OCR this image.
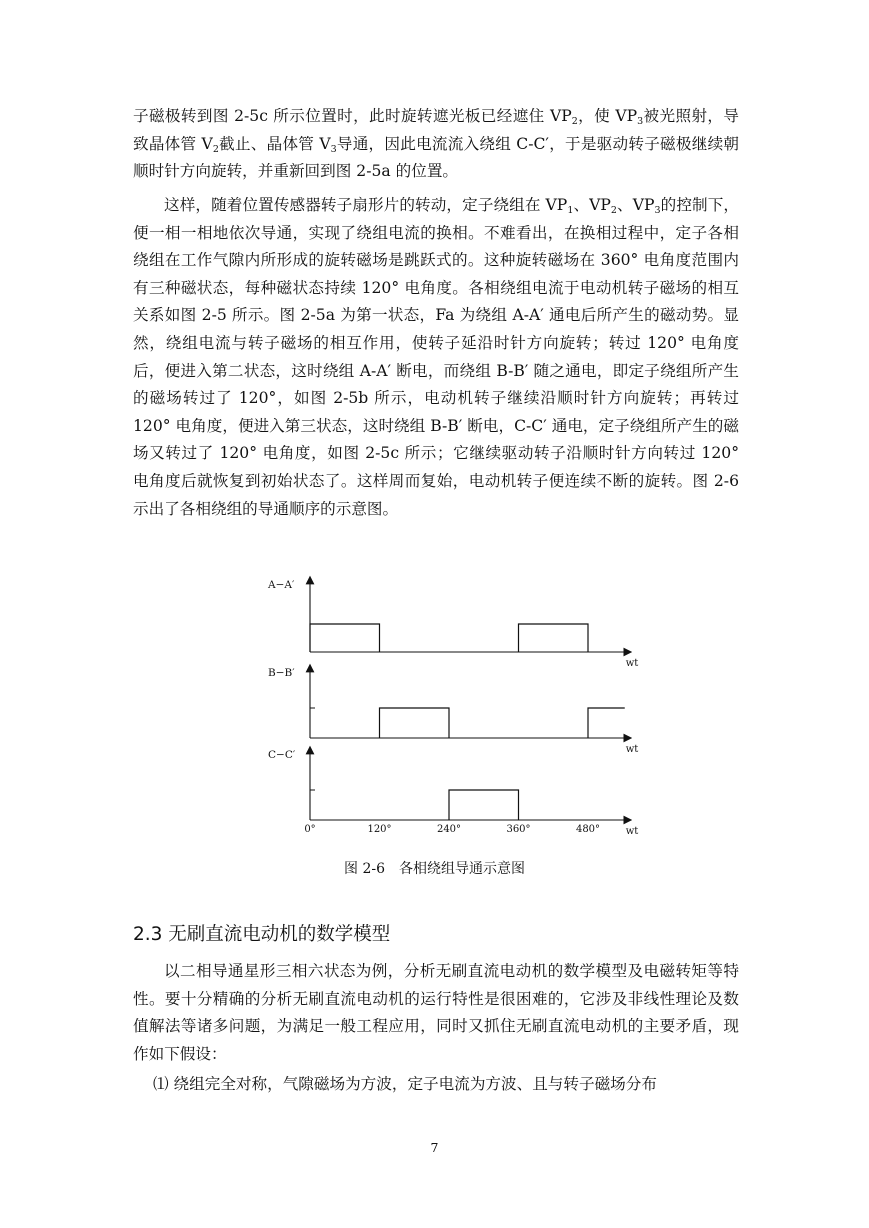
子磁极转到图 2-5c 所示位置时，此时旋转遮光板已经遮住 $VP_2$，使 $VP_3$被光照射，导致晶体管 $V_2$截止、晶体管 $V_3$导通，因此电流流入绕组 C-C′，于是驱动转子磁极继续朝顺时针方向旋转，并重新回到图 2-5a 的位置。

这样，随着位置传感器转子扇形片的转动，定子绕组在 $VP_1$、$VP_2$、$VP_3$的控制下，便一相一相地依次导通，实现了绕组电流的换相。不难看出，在换相过程中，定子各相绕组在工作气隙内所形成的旋转磁场是跳跃式的。这种旋转磁场在 360° 电角度范围内有三种磁状态，每种磁状态持续 120° 电角度。各相绕组电流于电动机转子磁场的相互关系如图 2-5 所示。图 2-5a 为第一状态，Fa 为绕组 A-A′ 通电后所产生的磁动势。显然，绕组电流与转子磁场的相互作用，使转子延沿时针方向旋转；转过 120° 电角度后，便进入第二状态，这时绕组 A-A′ 断电，而绕组 B-B′ 随之通电，即定子绕组所产生的磁场转过了 120°，如图 2-5b 所示，电动机转子继续沿顺时针方向旋转；再转过 120° 电角度，便进入第三状态，这时绕组 B-B′ 断电，C-C′ 通电，定子绕组所产生的磁场又转过了 120° 电角度，如图 2-5c 所示；它继续驱动转子沿顺时针方向转过 120° 电角度后就恢复到初始状态了。这样周而复始，电动机转子便连续不断的旋转。图 2-6 示出了各相绕组的导通顺序的示意图。

A−A′
wt
B−B′
wt
C−C′
wt
0°	120°	240°	360°	480°
图 2-6　各相绕组导通示意图
2.3 无刷直流电动机的数学模型

以二相导通星形三相六状态为例，分析无刷直流电动机的数学模型及电磁转矩等特性。要十分精确的分析无刷直流电动机的运行特性是很困难的，它涉及非线性理论及数值解法等诸多问题，为满足一般工程应用，同时又抓住无刷直流电动机的主要矛盾，现作如下假设：

⑴ 绕组完全对称，气隙磁场为方波，定子电流为方波、且与转子磁场分布

7
